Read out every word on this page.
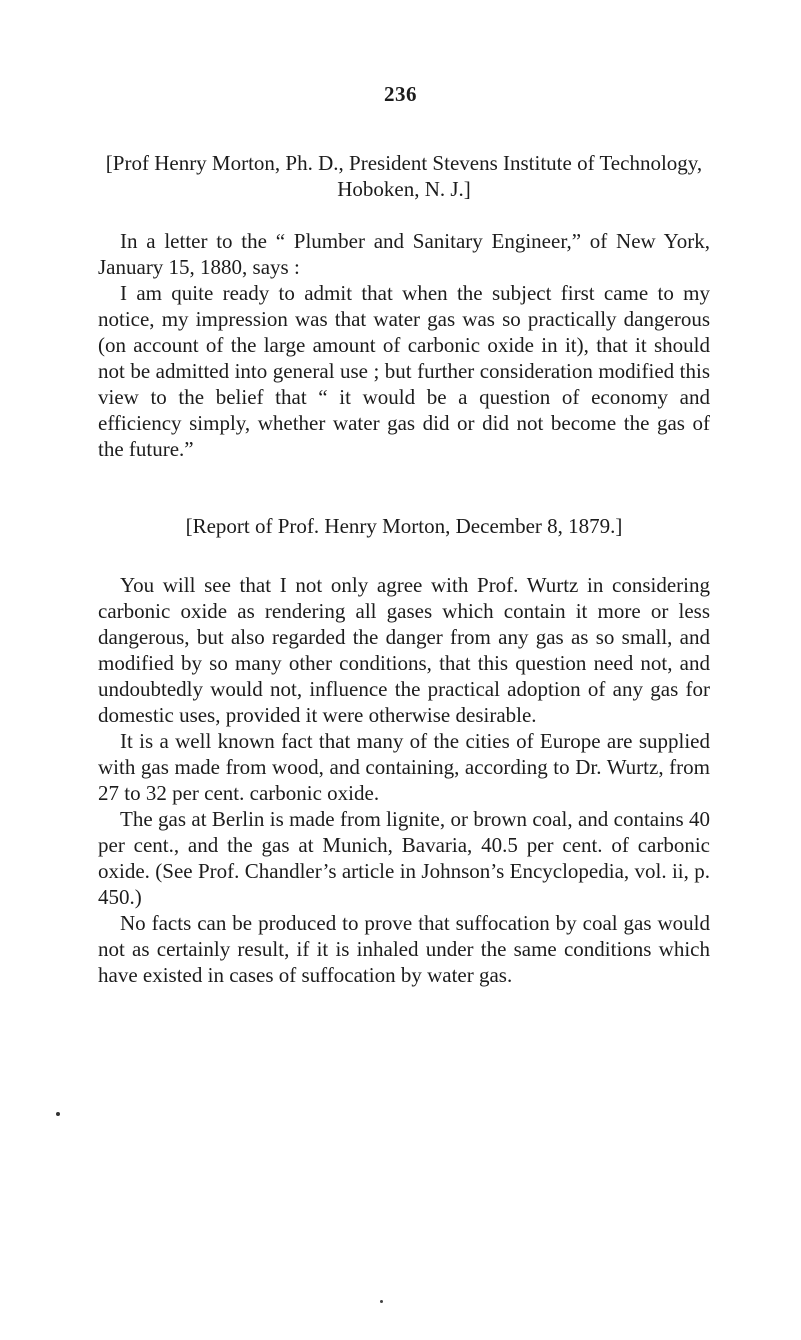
236

[Prof Henry Morton, Ph. D., President Stevens Institute of Technology, Hoboken, N. J.]

In a letter to the “ Plumber and Sanitary Engineer,” of New York, January 15, 1880, says :

I am quite ready to admit that when the subject first came to my notice, my impression was that water gas was so practically dangerous (on account of the large amount of carbonic oxide in it), that it should not be admitted into general use ; but further consideration modified this view to the belief that “ it would be a question of economy and efficiency simply, whether water gas did or did not become the gas of the future.”

[Report of Prof. Henry Morton, December 8, 1879.]

You will see that I not only agree with Prof. Wurtz in considering carbonic oxide as rendering all gases which contain it more or less dangerous, but also regarded the danger from any gas as so small, and modified by so many other conditions, that this question need not, and undoubtedly would not, influence the practical adoption of any gas for domestic uses, provided it were otherwise desirable.

It is a well known fact that many of the cities of Europe are supplied with gas made from wood, and containing, according to Dr. Wurtz, from 27 to 32 per cent. carbonic oxide.

The gas at Berlin is made from lignite, or brown coal, and contains 40 per cent., and the gas at Munich, Bavaria, 40.5 per cent. of carbonic oxide. (See Prof. Chandler’s article in Johnson’s Encyclopedia, vol. ii, p. 450.)

No facts can be produced to prove that suffocation by coal gas would not as certainly result, if it is inhaled under the same conditions which have existed in cases of suffocation by water gas.
